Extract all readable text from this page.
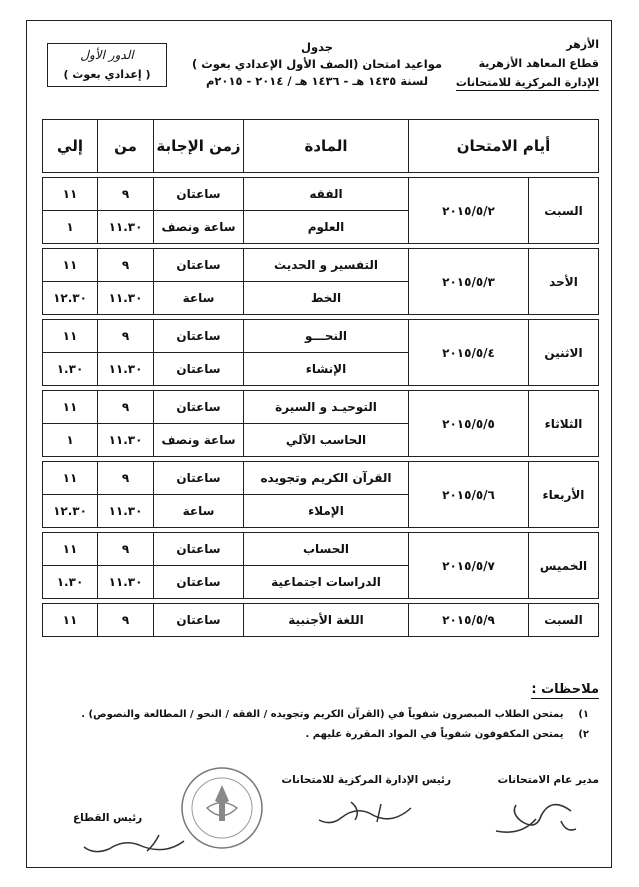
الأزهر
قطاع المعاهد الأزهرية
الإدارة المركزية للامتحانات
جدول
مواعيد امتحان (الصف الأول الإعدادي بعوث )
لسنة ١٤٣٥ هـ - ١٤٣٦ هـ / ٢٠١٤ - ٢٠١٥م
الدور الأول
( إعدادي بعوث )
أيام الامتحان		المادة	زمن الإجابة	من	إلي

السبت	٢٠١٥/٥/٢	الفقه	ساعتان	٩	١١
		العلوم	ساعة ونصف	١١.٣٠	١

الأحد	٢٠١٥/٥/٣	التفسير و الحديث	ساعتان	٩	١١
		الخط	ساعة	١١.٣٠	١٢.٣٠

الاثنين	٢٠١٥/٥/٤	النحـــو	ساعتان	٩	١١
		الإنشاء	ساعتان	١١.٣٠	١.٣٠

الثلاثاء	٢٠١٥/٥/٥	التوحيـد و السيرة	ساعتان	٩	١١
		الحاسب الآلي	ساعة ونصف	١١.٣٠	١

الأربعاء	٢٠١٥/٥/٦	القرآن الكريم وتجويده	ساعتان	٩	١١
		الإملاء	ساعة	١١.٣٠	١٢.٣٠

الخميس	٢٠١٥/٥/٧	الحساب	ساعتان	٩	١١
		الدراسات اجتماعية	ساعتان	١١.٣٠	١.٣٠

السبت	٢٠١٥/٥/٩	اللغة الأجنبية	ساعتان	٩	١١
ملاحظات :
١) يمتحن الطلاب المبصرون شفوياً في (القرآن الكريم وتجويده / الفقه / النحو / المطالعة والنصوص) .
٢) يمتحن المكفوفون شفوياً في المواد المقررة عليهم .
مدير عام الامتحانات
رئيس الإدارة المركزية للامتحانات
رئيس القطاع
